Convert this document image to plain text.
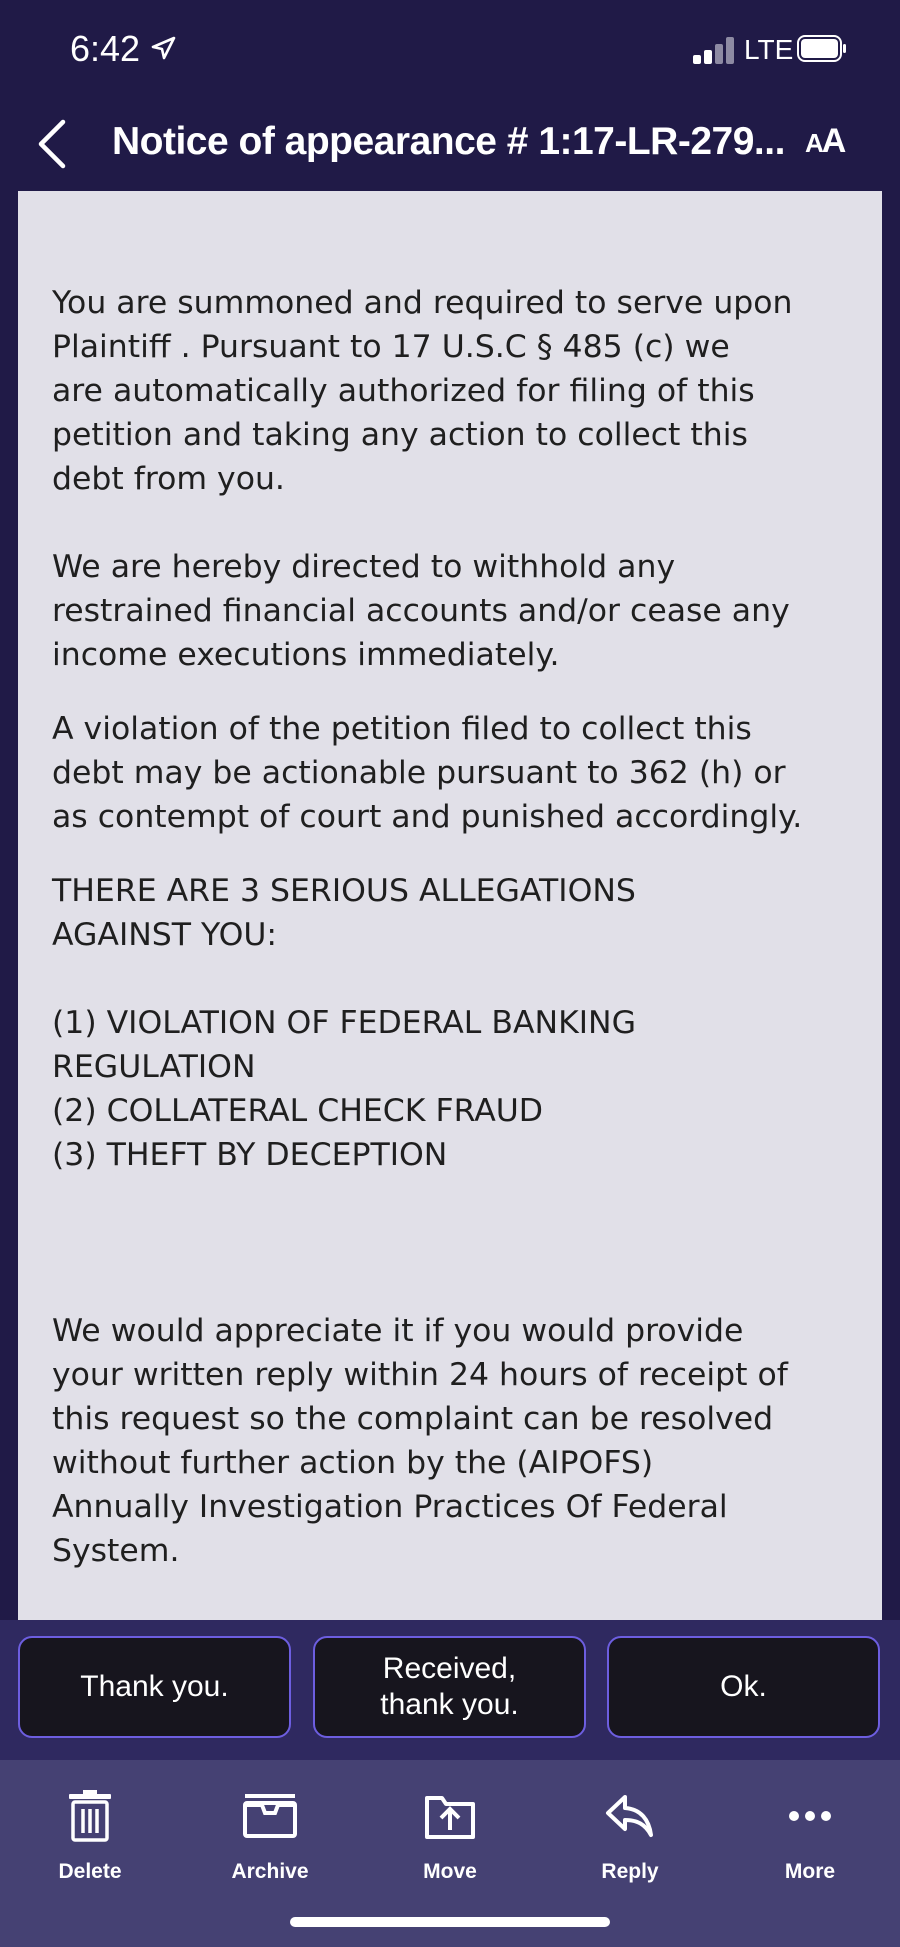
6:42	LTE
Notice of appearance # 1:17-LR-279... AA

You are summoned and required to serve upon
Plaintiff . Pursuant to 17 U.S.C § 485 (c) we
are automatically authorized for filing of this
petition and taking any action to collect this
debt from you.

We are hereby directed to withhold any
restrained financial accounts and/or cease any
income executions immediately.

A violation of the petition filed to collect this
debt may be actionable pursuant to 362 (h) or
as contempt of court and punished accordingly.

THERE ARE 3 SERIOUS ALLEGATIONS
AGAINST YOU:

(1) VIOLATION OF FEDERAL BANKING
REGULATION
(2) COLLATERAL CHECK FRAUD
(3) THEFT BY DECEPTION

We would appreciate it if you would provide
your written reply within 24 hours of receipt of
this request so the complaint can be resolved
without further action by the (AIPOFS)
Annually Investigation Practices Of Federal
System.

Thank you.
Received,
thank you.
Ok.
Delete	Archive	Move	Reply	More
